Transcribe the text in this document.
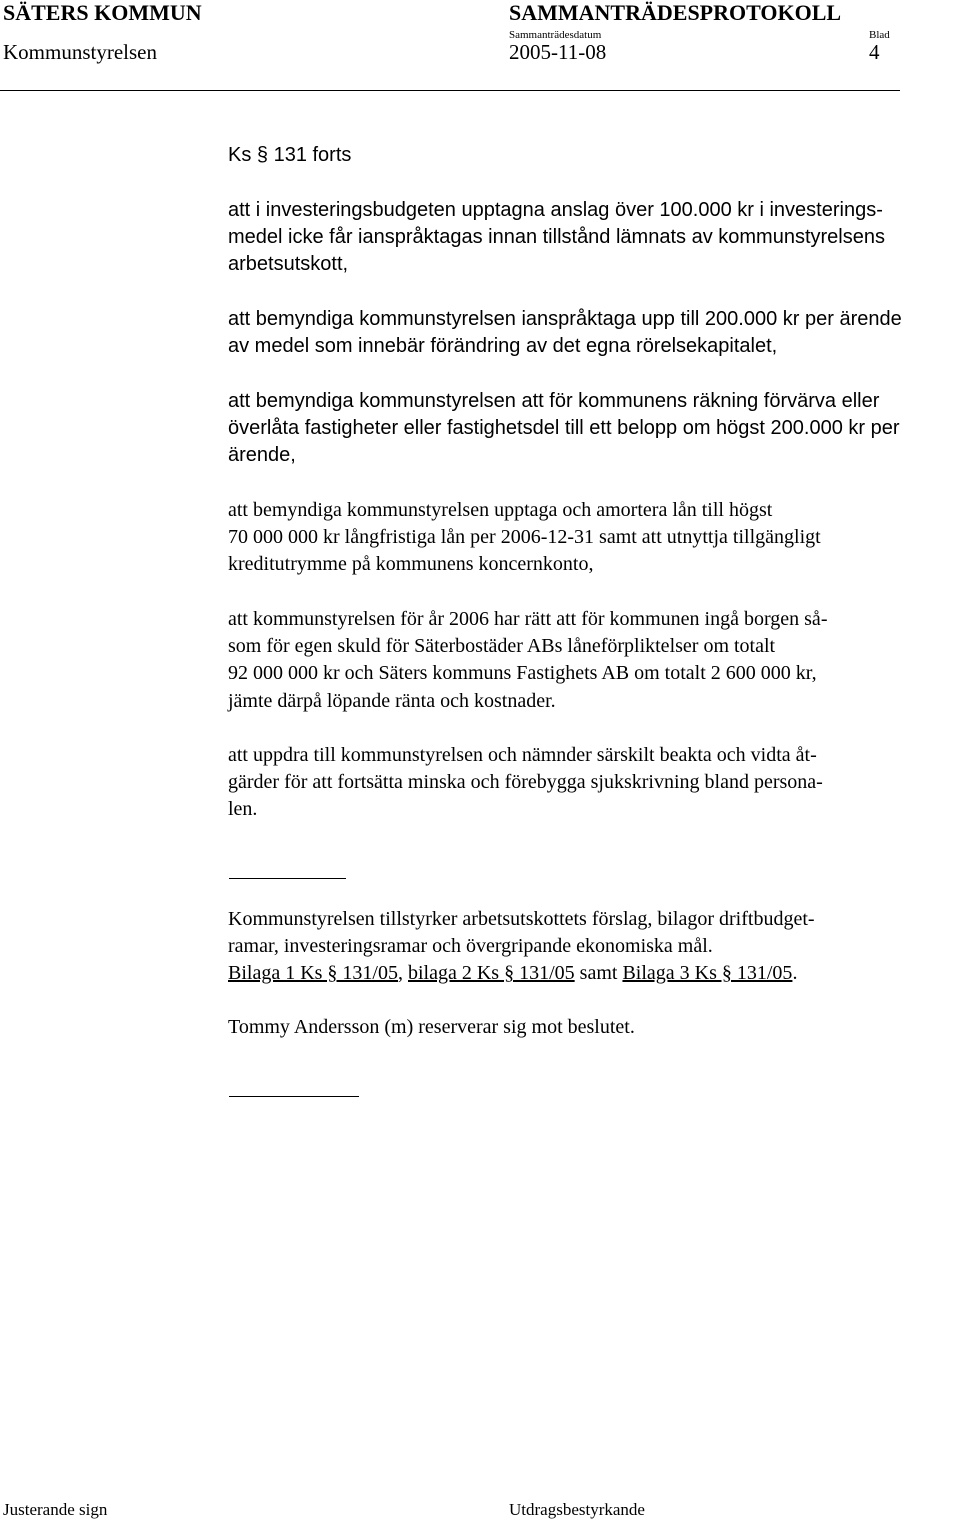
SÄTERS KOMMUN	SAMMANTRÄDESPROTOKOLL
Kommunstyrelsen
Sammanträdesdatum
2005-11-08
Blad
4
Ks § 131 forts
att i investeringsbudgeten upptagna anslag över 100.000 kr i investerings-
medel icke får ianspråktagas innan tillstånd lämnats av kommunstyrelsens
arbetsutskott,
att bemyndiga kommunstyrelsen ianspråktaga upp till 200.000 kr per ärende
av medel som innebär förändring av det egna rörelsekapitalet,
att bemyndiga kommunstyrelsen att för kommunens räkning förvärva eller
överlåta fastigheter eller fastighetsdel till ett belopp om högst 200.000 kr per
ärende,
att bemyndiga kommunstyrelsen upptaga och amortera lån till högst
70 000 000 kr långfristiga lån per 2006-12-31 samt att utnyttja tillgängligt
kreditutrymme på kommunens koncernkonto,
att kommunstyrelsen för år 2006 har rätt att för kommunen ingå borgen så-
som för egen skuld för Säterbostäder ABs låneförpliktelser om totalt
92 000 000 kr och Säters kommuns Fastighets AB om totalt 2 600 000 kr,
jämte därpå löpande ränta och kostnader.
att uppdra till kommunstyrelsen och nämnder särskilt beakta och vidta åt-
gärder för att fortsätta minska och förebygga sjukskrivning bland persona-
len.
Kommunstyrelsen tillstyrker arbetsutskottets förslag, bilagor driftbudget-
ramar, investeringsramar och övergripande ekonomiska mål.
Bilaga 1 Ks § 131/05, bilaga 2 Ks § 131/05 samt Bilaga 3 Ks § 131/05.
Tommy Andersson (m) reserverar sig mot beslutet.
Justerande sign	Utdragsbestyrkande
